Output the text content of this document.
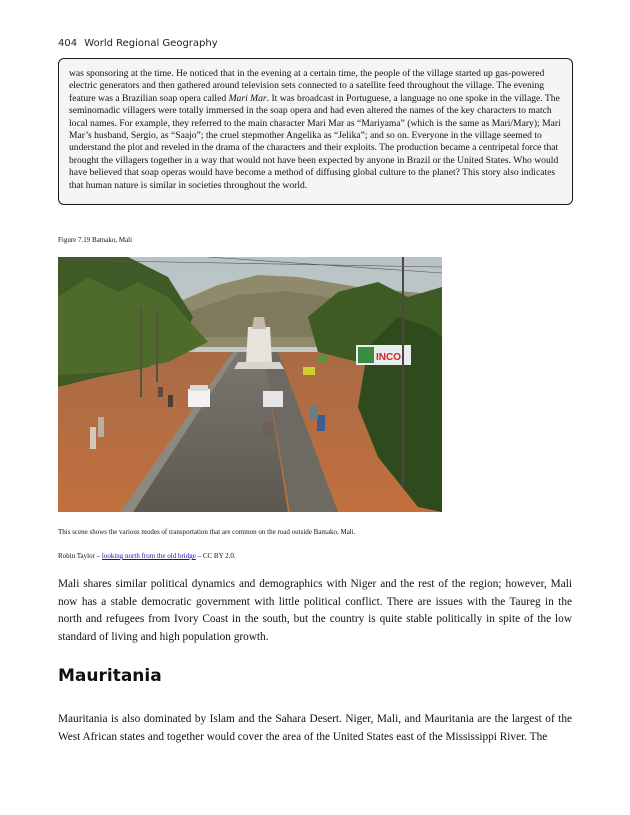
404 World Regional Geography

was sponsoring at the time. He noticed that in the evening at a certain time, the people of the village started up gas-powered electric generators and then gathered around television sets connected to a satellite feed throughout the village. The evening feature was a Brazilian soap opera called Mari Mar. It was broadcast in Portuguese, a language no one spoke in the village. The seminomadic villagers were totally immersed in the soap opera and had even altered the names of the key characters to match local names. For example, they referred to the main character Mari Mar as “Mariyama” (which is the same as Mari/Mary); Mari Mar’s husband, Sergio, as “Saajo”; the cruel stepmother Angelika as “Jelika”; and so on. Everyone in the village seemed to understand the plot and reveled in the drama of the characters and their exploits. The production became a centripetal force that brought the villagers together in a way that would not have been expected by anyone in Brazil or the United States. Who would have believed that soap operas would have become a method of diffusing global culture to the planet? This story also indicates that human nature is similar in societies throughout the world.

Figure 7.19 Bamako, Mali
INCO
This scene shows the various modes of transportation that are common on the road outside Bamako, Mali.
Robin Taylor – looking north from the old bridge – CC BY 2.0.

Mali shares similar political dynamics and demographics with Niger and the rest of the region; however, Mali now has a stable democratic government with little political conflict. There are issues with the Taureg in the north and refugees from Ivory Coast in the south, but the country is quite stable politically in spite of the low standard of living and high population growth.

Mauritania

Mauritania is also dominated by Islam and the Sahara Desert. Niger, Mali, and Mauritania are the largest of the West African states and together would cover the area of the United States east of the Mississippi River. The
